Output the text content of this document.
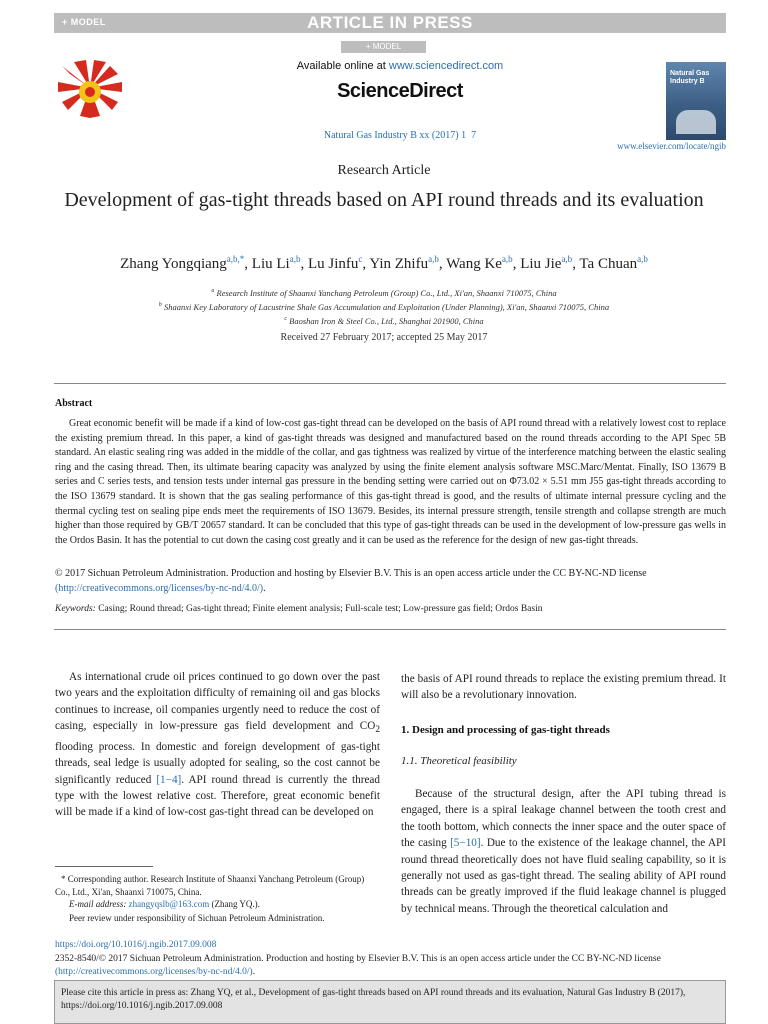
+ MODEL	ARTICLE IN PRESS
+ MODEL
Available online at www.sciencedirect.com
ScienceDirect
Natural Gas Industry B xx (2017) 1  7
Natural Gas Industry B
www.elsevier.com/locate/ngib
Research Article
Development of gas-tight threads based on API round threads and its evaluation
Zhang Yongqiang$^{a,b,*}$, Liu Li$^{a,b}$, Lu Jinfu$^c$, Yin Zhifu$^{a,b}$, Wang Ke$^{a,b}$, Liu Jie$^{a,b}$, Ta Chuan$^{a,b}$
$^a$ Research Institute of Shaanxi Yanchang Petroleum (Group) Co., Ltd., Xi'an, Shaanxi 710075, China
$^b$ Shaanxi Key Laboratory of Lacustrine Shale Gas Accumulation and Exploitation (Under Planning), Xi'an, Shaanxi 710075, China
$^c$ Baoshan Iron & Steel Co., Ltd., Shanghai 201900, China
Received 27 February 2017; accepted 25 May 2017
Abstract

Great economic benefit will be made if a kind of low-cost gas-tight thread can be developed on the basis of API round thread with a relatively lowest cost to replace the existing premium thread. In this paper, a kind of gas-tight threads was designed and manufactured based on the round threads according to the API Spec 5B standard. An elastic sealing ring was added in the middle of the collar, and gas tightness was realized by virtue of the interference matching between the elastic sealing ring and the casing thread. Then, its ultimate bearing capacity was analyzed by using the finite element analysis software MSC.Marc/Mentat. Finally, ISO 13679 B series and C series tests, and tension tests under internal gas pressure in the bending setting were carried out on Φ73.02 × 5.51 mm J55 gas-tight threads according to the ISO 13679 standard. It is shown that the gas sealing performance of this gas-tight thread is good, and the results of ultimate internal pressure cycling and the thermal cycling test on sealing pipe ends meet the requirements of ISO 13679. Besides, its internal pressure strength, tensile strength and collapse strength are much higher than those required by GB/T 20657 standard. It can be concluded that this type of gas-tight threads can be used in the development of low-pressure gas wells in the Ordos Basin. It has the potential to cut down the casing cost greatly and it can be used as the reference for the design of new gas-tight threads.

© 2017 Sichuan Petroleum Administration. Production and hosting by Elsevier B.V. This is an open access article under the CC BY-NC-ND license
(http://creativecommons.org/licenses/by-nc-nd/4.0/).
Keywords: Casing; Round thread; Gas-tight thread; Finite element analysis; Full-scale test; Low-pressure gas field; Ordos Basin

As international crude oil prices continued to go down over the past two years and the exploitation difficulty of remaining oil and gas blocks continues to increase, oil companies urgently need to reduce the cost of casing, especially in low-pressure gas field development and $CO_2$ flooding process. In domestic and foreign development of gas-tight threads, seal ledge is usually adopted for sealing, so the cost cannot be significantly reduced [1−4]. API round thread is currently the thread type with the lowest relative cost. Therefore, great economic benefit will be made if a kind of low-cost gas-tight thread can be developed on

the basis of API round threads to replace the existing premium thread. It will also be a revolutionary innovation.

1. Design and processing of gas-tight threads
1.1. Theoretical feasibility

Because of the structural design, after the API tubing thread is engaged, there is a spiral leakage channel between the tooth crest and the tooth bottom, which connects the inner space and the outer space of the casing [5−10]. Due to the existence of the leakage channel, the API round thread theoretically does not have fluid sealing capability, so it is generally not used as gas-tight thread. The sealing ability of API round threads can be greatly improved if the fluid leakage channel is plugged by technical means. Through the theoretical calculation and

* Corresponding author. Research Institute of Shaanxi Yanchang Petroleum (Group) Co., Ltd., Xi'an, Shaanxi 710075, China.
E-mail address: zhangyqslb@163.com (Zhang YQ.).
Peer review under responsibility of Sichuan Petroleum Administration.
https://doi.org/10.1016/j.ngib.2017.09.008
2352-8540/© 2017 Sichuan Petroleum Administration. Production and hosting by Elsevier B.V. This is an open access article under the CC BY-NC-ND license
(http://creativecommons.org/licenses/by-nc-nd/4.0/).

Please cite this article in press as: Zhang YQ, et al., Development of gas-tight threads based on API round threads and its evaluation, Natural Gas Industry B (2017), https://doi.org/10.1016/j.ngib.2017.09.008
